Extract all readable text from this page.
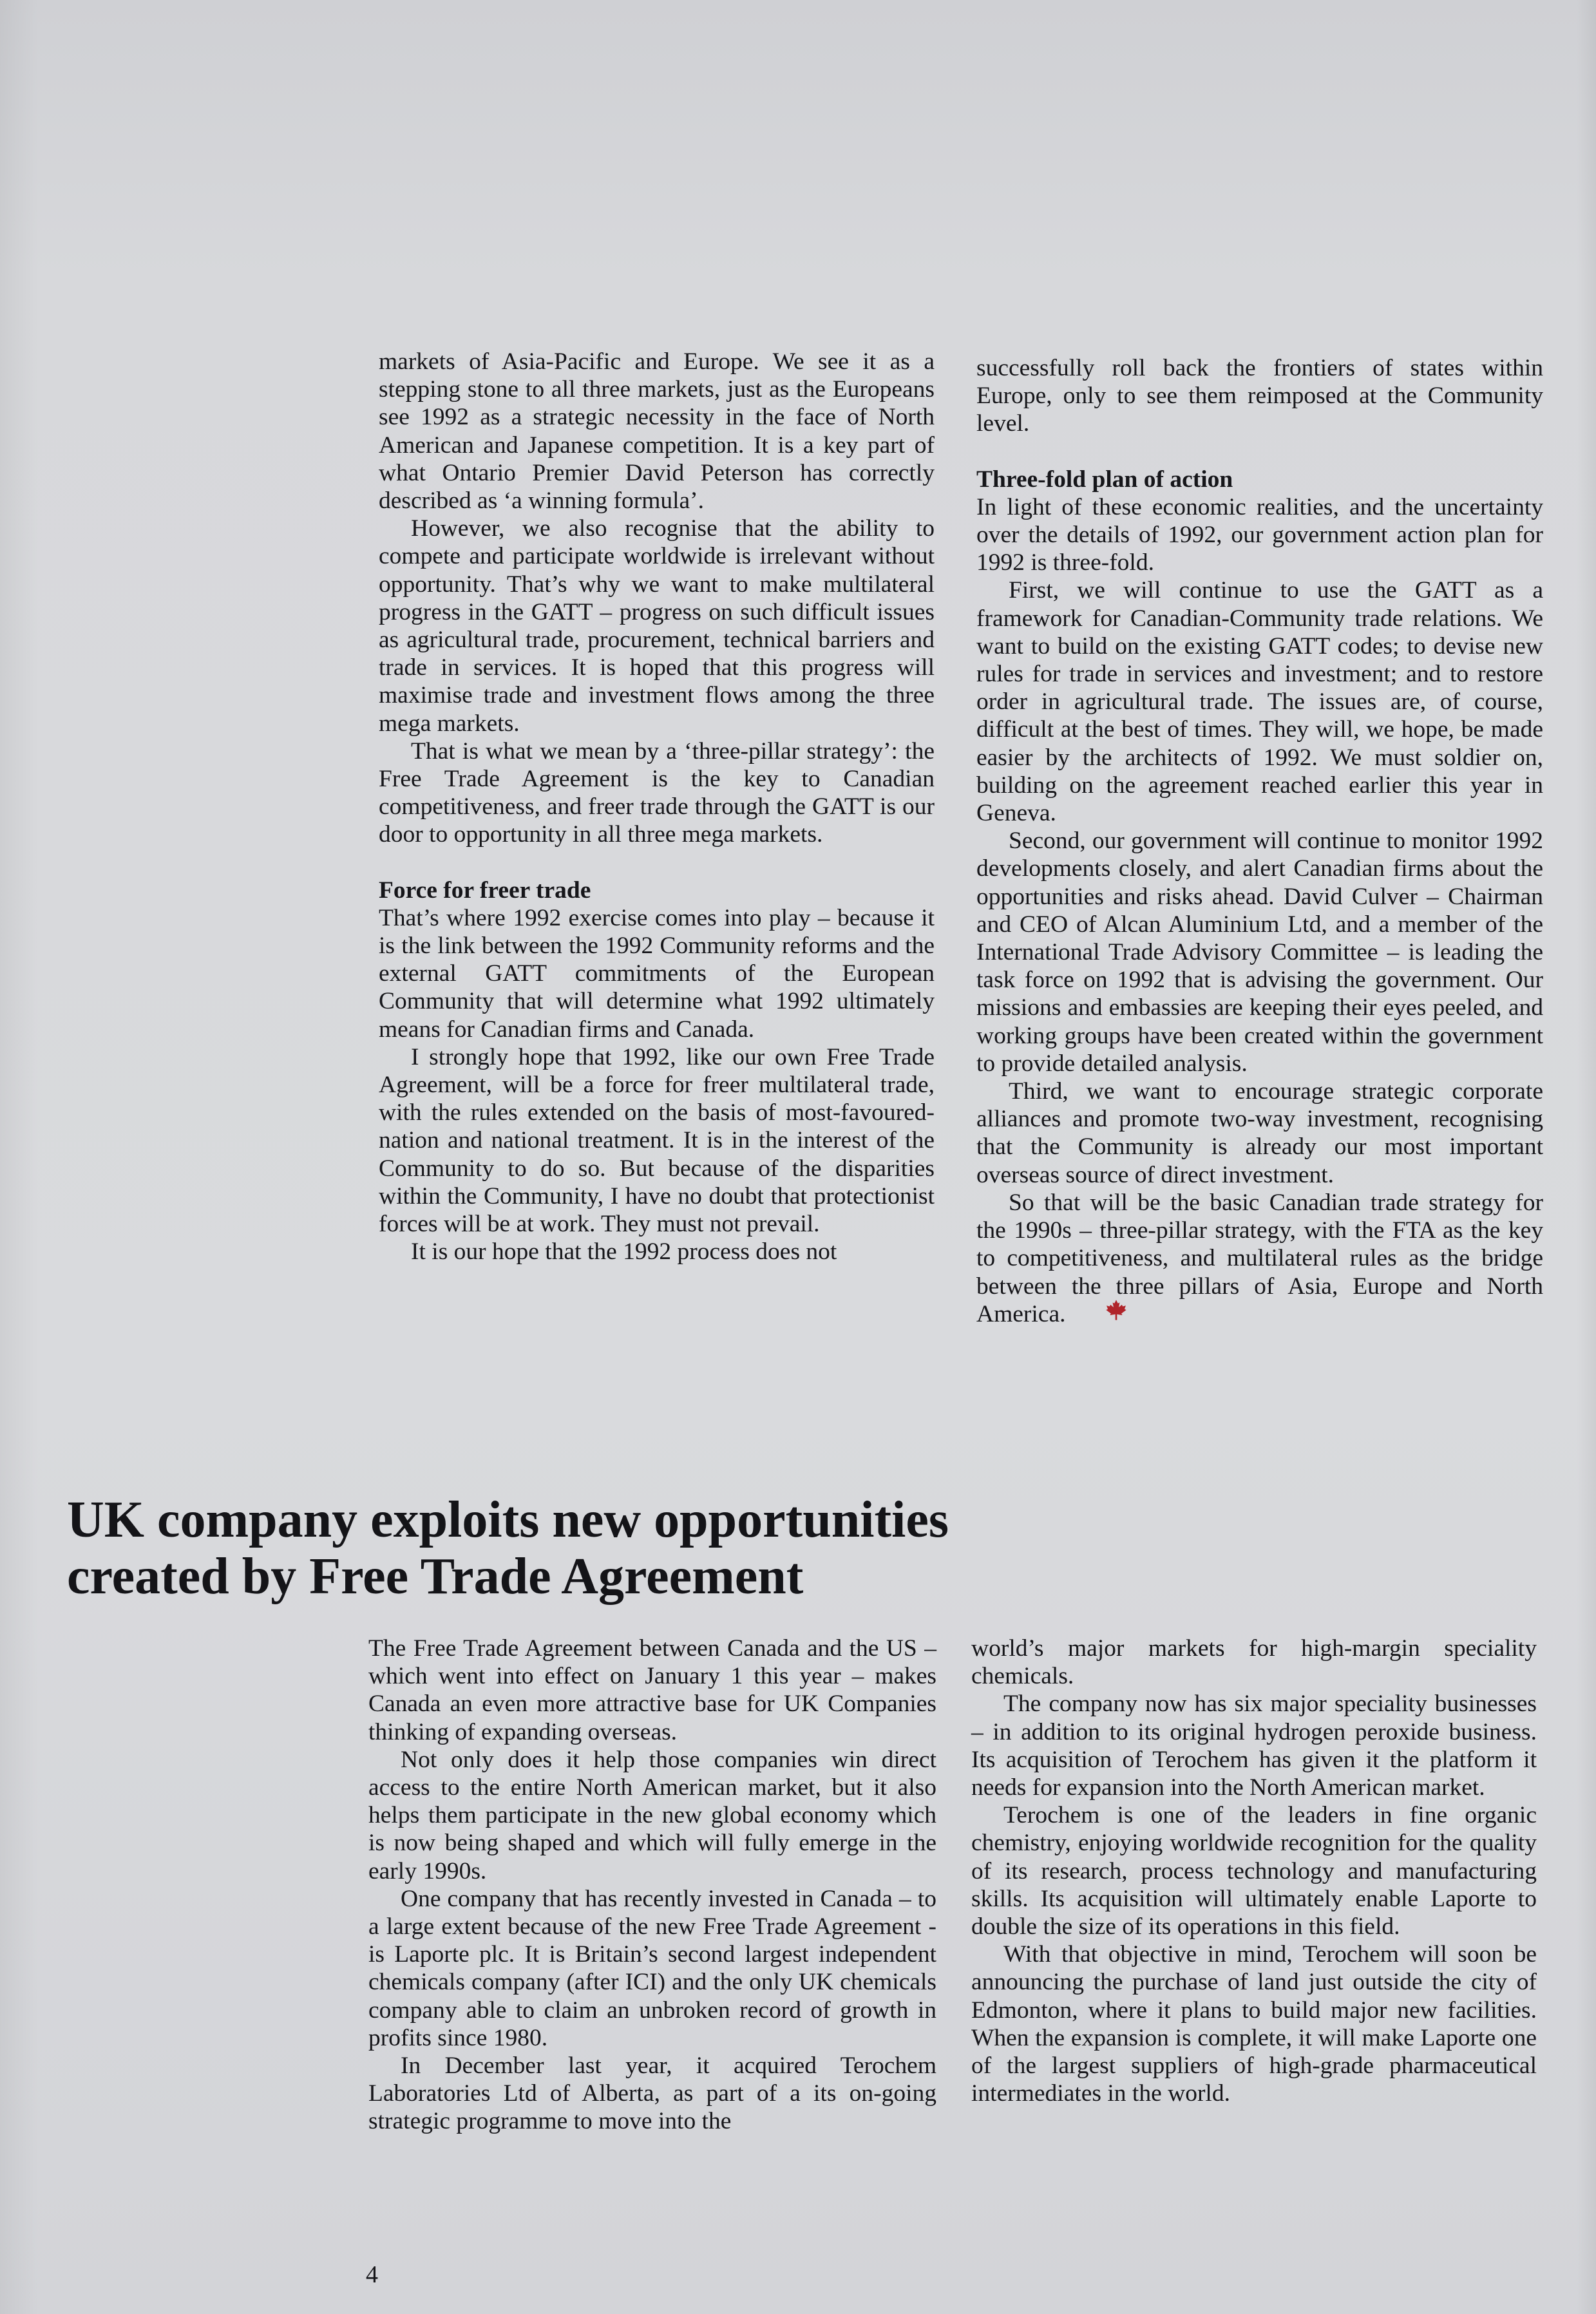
markets of Asia-Pacific and Europe. We see it as a stepping stone to all three markets, just as the Europeans see 1992 as a strategic necessity in the face of North American and Japanese competition. It is a key part of what Ontario Premier David Peterson has correctly described as ‘a winning formula’.

However, we also recognise that the ability to compete and participate worldwide is irrelevant without opportunity. That’s why we want to make multilateral progress in the GATT – progress on such difficult issues as agricultural trade, procurement, technical barriers and trade in services. It is hoped that this progress will maximise trade and investment flows among the three mega markets.

That is what we mean by a ‘three-pillar strategy’: the Free Trade Agreement is the key to Canadian competitiveness, and freer trade through the GATT is our door to opportunity in all three mega markets.

Force for freer trade

That’s where 1992 exercise comes into play – because it is the link between the 1992 Community reforms and the external GATT commitments of the European Community that will determine what 1992 ultimately means for Canadian firms and Canada.

I strongly hope that 1992, like our own Free Trade Agreement, will be a force for freer multilateral trade, with the rules extended on the basis of most-favoured-nation and national treatment. It is in the interest of the Community to do so. But because of the disparities within the Community, I have no doubt that protectionist forces will be at work. They must not prevail.

It is our hope that the 1992 process does not

successfully roll back the frontiers of states within Europe, only to see them reimposed at the Community level.

Three-fold plan of action

In light of these economic realities, and the uncertainty over the details of 1992, our government action plan for 1992 is three-fold.

First, we will continue to use the GATT as a framework for Canadian-Community trade relations. We want to build on the existing GATT codes; to devise new rules for trade in services and investment; and to restore order in agricultural trade. The issues are, of course, difficult at the best of times. They will, we hope, be made easier by the architects of 1992. We must soldier on, building on the agreement reached earlier this year in Geneva.

Second, our government will continue to monitor 1992 developments closely, and alert Canadian firms about the opportunities and risks ahead. David Culver – Chairman and CEO of Alcan Aluminium Ltd, and a member of the International Trade Advisory Committee – is leading the task force on 1992 that is advising the government. Our missions and embassies are keeping their eyes peeled, and working groups have been created within the government to provide detailed analysis.

Third, we want to encourage strategic corporate alliances and promote two-way investment, recognising that the Community is already our most important overseas source of direct investment.

So that will be the basic Canadian trade strategy for the 1990s – three-pillar strategy, with the FTA as the key to competitiveness, and multilateral rules as the bridge between the three pillars of Asia, Europe and North America.

UK company exploits new opportunities
created by Free Trade Agreement

The Free Trade Agreement between Canada and the US – which went into effect on January 1 this year – makes Canada an even more attractive base for UK Companies thinking of expanding overseas.

Not only does it help those companies win direct access to the entire North American market, but it also helps them participate in the new global economy which is now being shaped and which will fully emerge in the early 1990s.

One company that has recently invested in Canada – to a large extent because of the new Free Trade Agreement - is Laporte plc. It is Britain’s second largest independent chemicals company (after ICI) and the only UK chemicals company able to claim an unbroken record of growth in profits since 1980.

In December last year, it acquired Terochem Laboratories Ltd of Alberta, as part of a its on-going strategic programme to move into the

world’s major markets for high-margin speciality chemicals.

The company now has six major speciality businesses – in addition to its original hydrogen peroxide business. Its acquisition of Terochem has given it the platform it needs for expansion into the North American market.

Terochem is one of the leaders in fine organic chemistry, enjoying worldwide recognition for the quality of its research, process technology and manufacturing skills. Its acquisition will ultimately enable Laporte to double the size of its operations in this field.

With that objective in mind, Terochem will soon be announcing the purchase of land just outside the city of Edmonton, where it plans to build major new facilities. When the expansion is complete, it will make Laporte one of the largest suppliers of high-grade pharmaceutical intermediates in the world.

4
